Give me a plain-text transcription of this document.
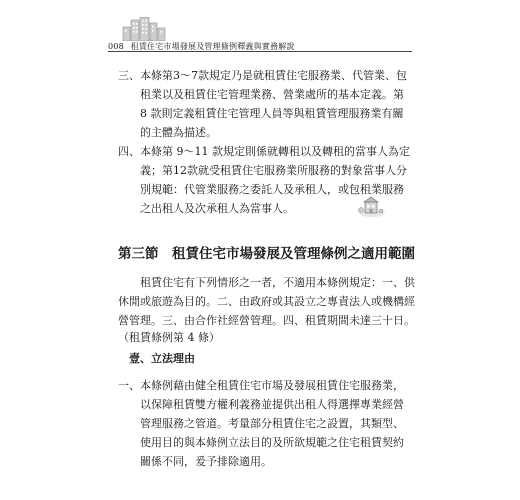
008 租賃住宅市場發展及管理條例釋義與實務解說
三、本條第3～7款規定乃是就租賃住宅服務業、代管業、包
　　租業以及租賃住宅管理業務、營業處所的基本定義。第
　　8 款則定義租賃住宅管理人員等與租賃管理服務業有關
　　的主體為描述。
四、本條第 9～11 款規定則係就轉租以及轉租的當事人為定
　　義；第12款就受租賃住宅服務業所服務的對象當事人分
　　別規範：代管業服務之委託人及承租人，或包租業服務
　　之出租人及次承租人為當事人。
第三節　租賃住宅市場發展及管理條例之適用範圍
　　租賃住宅有下列情形之一者，不適用本條例規定：一、供
休閒或旅遊為目的。二、由政府或其設立之專責法人或機構經
營管理。三、由合作社經營管理。四、租賃期間未達三十日。
（租賃條例第 4 條）
壹、立法理由
一、本條例藉由健全租賃住宅市場及發展租賃住宅服務業，
　　以保障租賃雙方權利義務並提供出租人得選擇專業經營
　　管理服務之管道。考量部分租賃住宅之設置，其類型、
　　使用目的與本條例立法目的及所欲規範之住宅租賃契約
　　關係不同，爰予排除適用。
